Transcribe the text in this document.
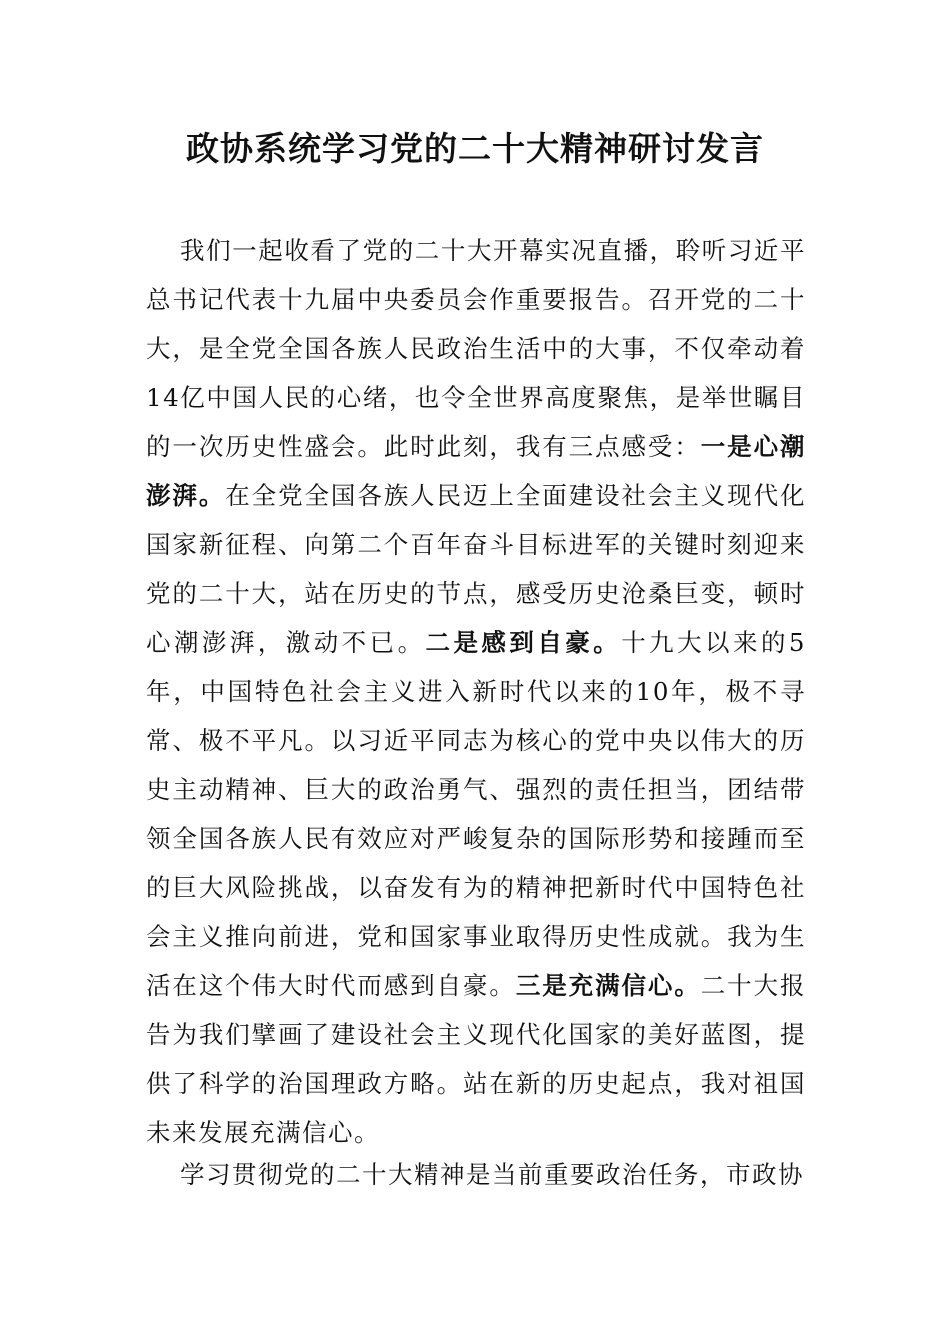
政协系统学习党的二十大精神研讨发言

我们一起收看了党的二十大开幕实况直播，聆听习近平总书记代表十九届中央委员会作重要报告。召开党的二十大，是全党全国各族人民政治生活中的大事，不仅牵动着14亿中国人民的心绪，也令全世界高度聚焦，是举世瞩目的一次历史性盛会。此时此刻，我有三点感受：一是心潮澎湃。在全党全国各族人民迈上全面建设社会主义现代化国家新征程、向第二个百年奋斗目标进军的关键时刻迎来党的二十大，站在历史的节点，感受历史沧桑巨变，顿时心潮澎湃，激动不已。二是感到自豪。十九大以来的5年，中国特色社会主义进入新时代以来的10年，极不寻常、极不平凡。以习近平同志为核心的党中央以伟大的历史主动精神、巨大的政治勇气、强烈的责任担当，团结带领全国各族人民有效应对严峻复杂的国际形势和接踵而至的巨大风险挑战，以奋发有为的精神把新时代中国特色社会主义推向前进，党和国家事业取得历史性成就。我为生活在这个伟大时代而感到自豪。三是充满信心。二十大报告为我们擘画了建设社会主义现代化国家的美好蓝图，提供了科学的治国理政方略。站在新的历史起点，我对祖国未来发展充满信心。

学习贯彻党的二十大精神是当前重要政治任务，市政协
